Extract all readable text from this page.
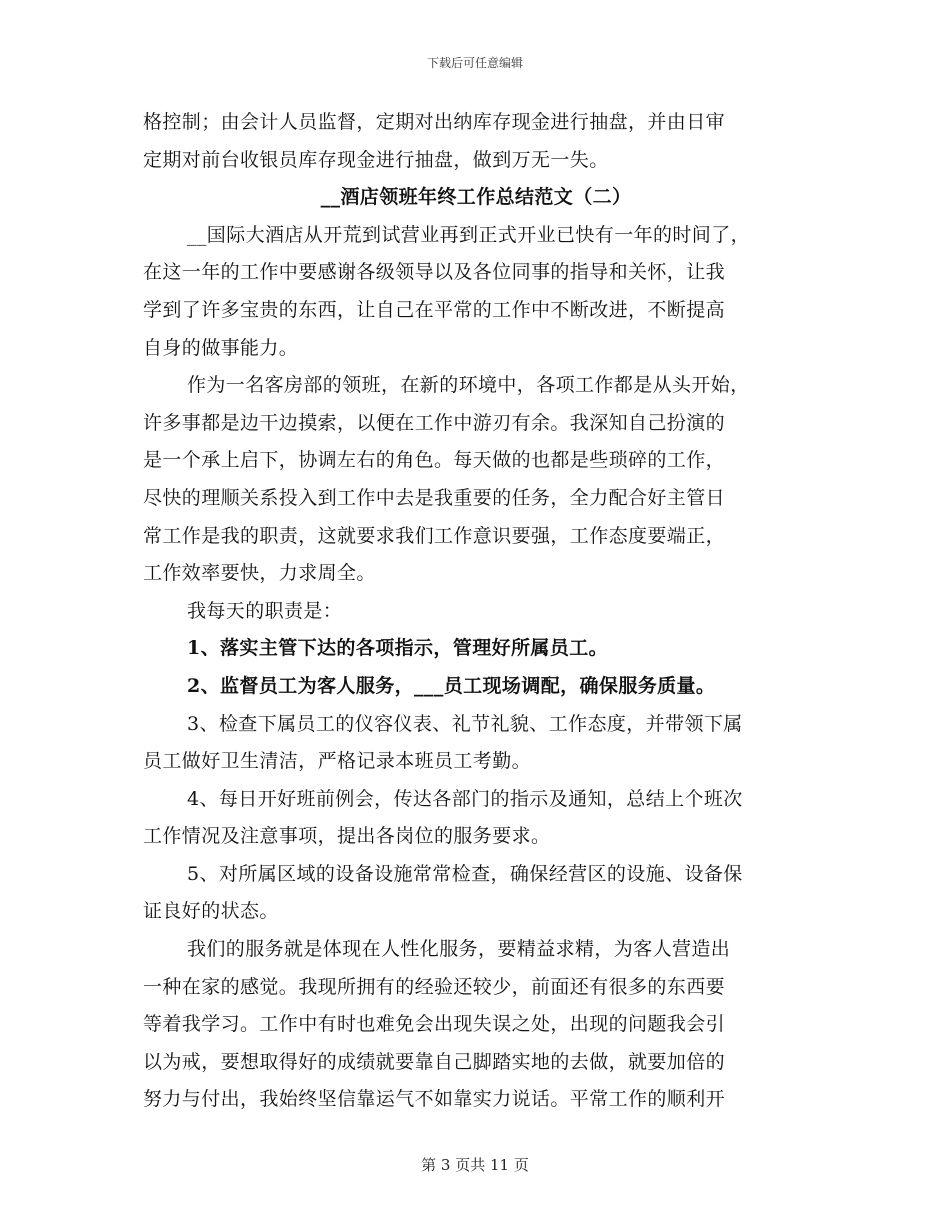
下载后可任意编辑
格控制；由会计人员监督，定期对出纳库存现金进行抽盘，并由日审
定期对前台收银员库存现金进行抽盘，做到万无一失。
__酒店领班年终工作总结范文（二）
__国际大酒店从开荒到试营业再到正式开业已快有一年的时间了，
在这一年的工作中要感谢各级领导以及各位同事的指导和关怀，让我
学到了许多宝贵的东西，让自己在平常的工作中不断改进，不断提高
自身的做事能力。
作为一名客房部的领班，在新的环境中，各项工作都是从头开始，
许多事都是边干边摸索，以便在工作中游刃有余。我深知自己扮演的
是一个承上启下，协调左右的角色。每天做的也都是些琐碎的工作，
尽快的理顺关系投入到工作中去是我重要的任务，全力配合好主管日
常工作是我的职责，这就要求我们工作意识要强，工作态度要端正，
工作效率要快，力求周全。
我每天的职责是：
1、落实主管下达的各项指示，管理好所属员工。
2、监督员工为客人服务，___员工现场调配，确保服务质量。
3、检查下属员工的仪容仪表、礼节礼貌、工作态度，并带领下属
员工做好卫生清洁，严格记录本班员工考勤。
4、每日开好班前例会，传达各部门的指示及通知，总结上个班次
工作情况及注意事项，提出各岗位的服务要求。
5、对所属区域的设备设施常常检查，确保经营区的设施、设备保
证良好的状态。
我们的服务就是体现在人性化服务，要精益求精，为客人营造出
一种在家的感觉。我现所拥有的经验还较少，前面还有很多的东西要
等着我学习。工作中有时也难免会出现失误之处，出现的问题我会引
以为戒，要想取得好的成绩就要靠自己脚踏实地的去做，就要加倍的
努力与付出，我始终坚信靠运气不如靠实力说话。平常工作的顺利开
第 3 页共 11 页
